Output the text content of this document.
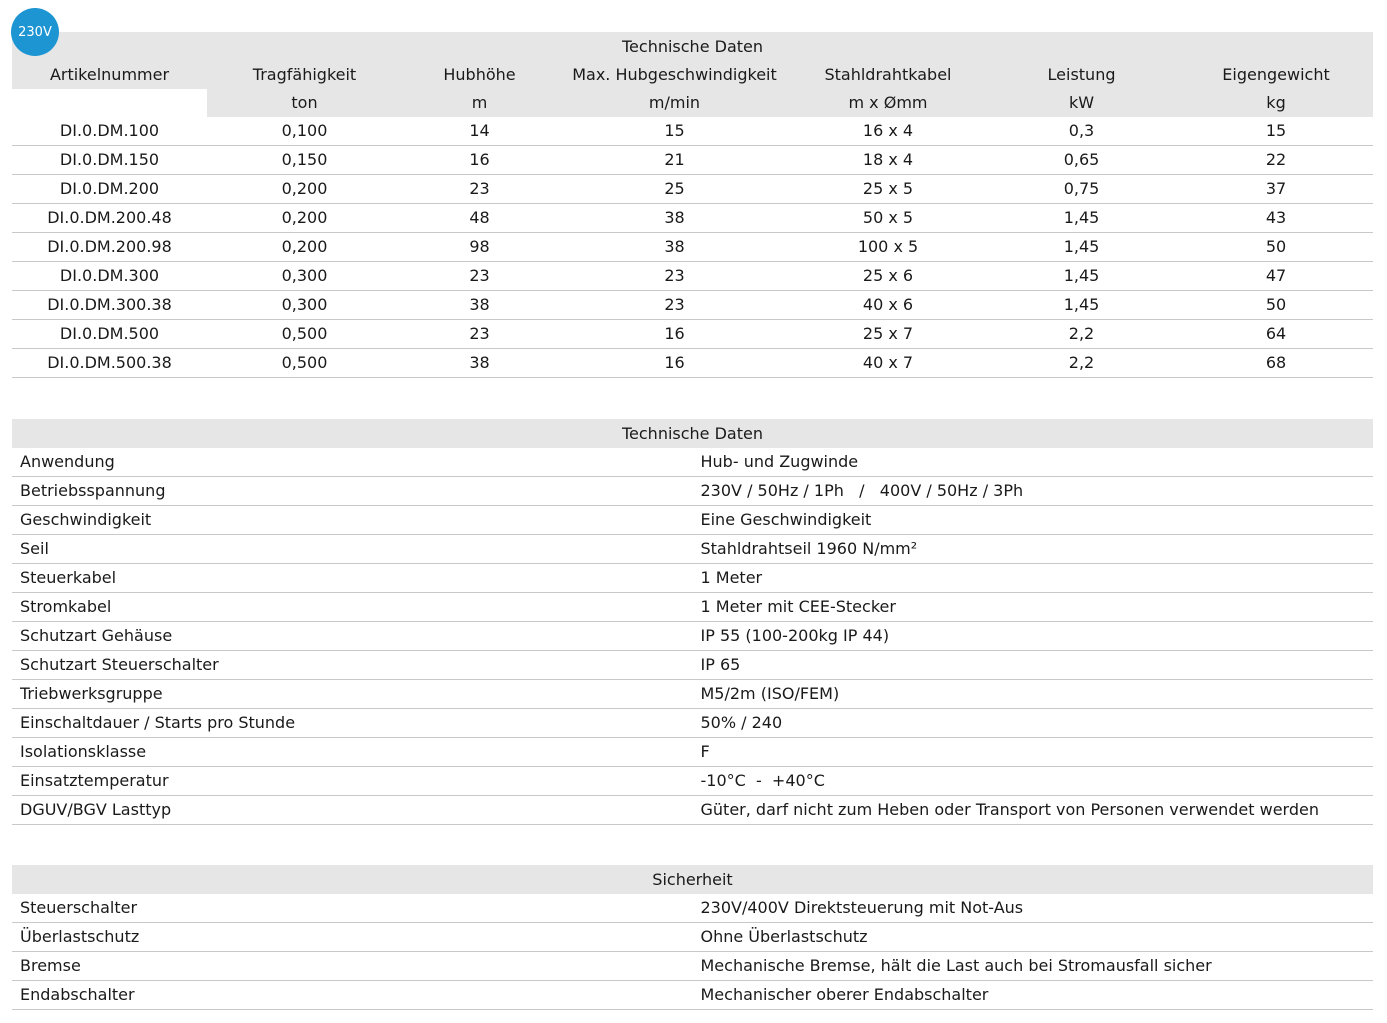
230V
Technische Daten						
Artikelnummer	Tragfähigkeit	Hubhöhe	Max. Hubgeschwindigkeit	Stahldrahtkabel	Leistung	Eigengewicht
	ton	m	m/min	m x Ømm	kW	kg
DI.0.DM.100	0,100	14	15	16 x 4	0,3	15
DI.0.DM.150	0,150	16	21	18 x 4	0,65	22
DI.0.DM.200	0,200	23	25	25 x 5	0,75	37
DI.0.DM.200.48	0,200	48	38	50 x 5	1,45	43
DI.0.DM.200.98	0,200	98	38	100 x 5	1,45	50
DI.0.DM.300	0,300	23	23	25 x 6	1,45	47
DI.0.DM.300.38	0,300	38	23	40 x 6	1,45	50
DI.0.DM.500	0,500	23	16	25 x 7	2,2	64
DI.0.DM.500.38	0,500	38	16	40 x 7	2,2	68
Technische Daten	
Anwendung	Hub- und Zugwinde
Betriebsspannung	230V / 50Hz / 1Ph   /   400V / 50Hz / 3Ph
Geschwindigkeit	Eine Geschwindigkeit
Seil	Stahldrahtseil 1960 N/mm²
Steuerkabel	1 Meter
Stromkabel	1 Meter mit CEE-Stecker
Schutzart Gehäuse	IP 55 (100-200kg IP 44)
Schutzart Steuerschalter	IP 65
Triebwerksgruppe	M5/2m (ISO/FEM)
Einschaltdauer / Starts pro Stunde	50% / 240
Isolationsklasse	F
Einsatztemperatur	-10°C  -  +40°C
DGUV/BGV Lasttyp	Güter, darf nicht zum Heben oder Transport von Personen verwendet werden
Sicherheit	
Steuerschalter	230V/400V Direktsteuerung mit Not-Aus
Überlastschutz	Ohne Überlastschutz
Bremse	Mechanische Bremse, hält die Last auch bei Stromausfall sicher
Endabschalter	Mechanischer oberer Endabschalter
